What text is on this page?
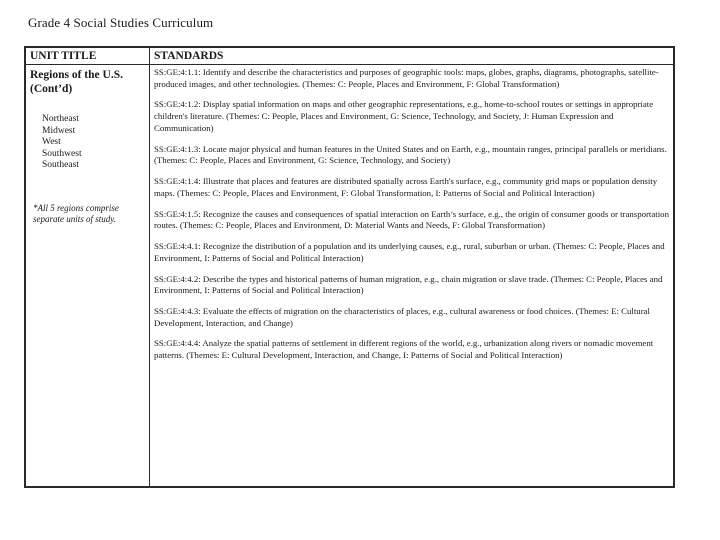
Grade 4 Social Studies Curriculum
UNIT TITLE	STANDARDS
Regions of the U.S. (Cont’d)
Northeast
Midwest
West
Southwest
Southeast
*All 5 regions comprise separate units of study.

SS:GE:4:1.1: Identify and describe the characteristics and purposes of geographic tools: maps, globes, graphs, diagrams, photographs, satellite-produced images, and other technologies. (Themes: C: People, Places and Environment, F: Global Transformation)

SS:GE:4:1.2: Display spatial information on maps and other geographic representations, e.g., home-to-school routes or settings in appropriate children's literature. (Themes: C: People, Places and Environment, G: Science, Technology, and Society, J: Human Expression and Communication)

SS:GE:4:1.3: Locate major physical and human features in the United States and on Earth, e.g., mountain ranges, principal parallels or meridians. (Themes: C: People, Places and Environment, G: Science, Technology, and Society)

SS:GE:4:1.4: Illustrate that places and features are distributed spatially across Earth's surface, e.g., community grid maps or population density maps. (Themes: C: People, Places and Environment, F: Global Transformation, I: Patterns of Social and Political Interaction)

SS:GE:4:1.5: Recognize the causes and consequences of spatial interaction on Earth’s surface, e.g., the origin of consumer goods or transportation routes. (Themes: C: People, Places and Environment, D: Material Wants and Needs, F: Global Transformation)

SS:GE:4:4.1: Recognize the distribution of a population and its underlying causes, e.g., rural, suburban or urban. (Themes: C: People, Places and Environment, I: Patterns of Social and Political Interaction)

SS:GE:4:4.2: Describe the types and historical patterns of human migration, e.g., chain migration or slave trade. (Themes: C: People, Places and Environment, I: Patterns of Social and Political Interaction)

SS:GE:4:4.3: Evaluate the effects of migration on the characteristics of places, e.g., cultural awareness or food choices. (Themes: E: Cultural Development, Interaction, and Change)

SS:GE:4:4.4: Analyze the spatial patterns of settlement in different regions of the world, e.g., urbanization along rivers or nomadic movement patterns. (Themes: E: Cultural Development, Interaction, and Change, I: Patterns of Social and Political Interaction)
